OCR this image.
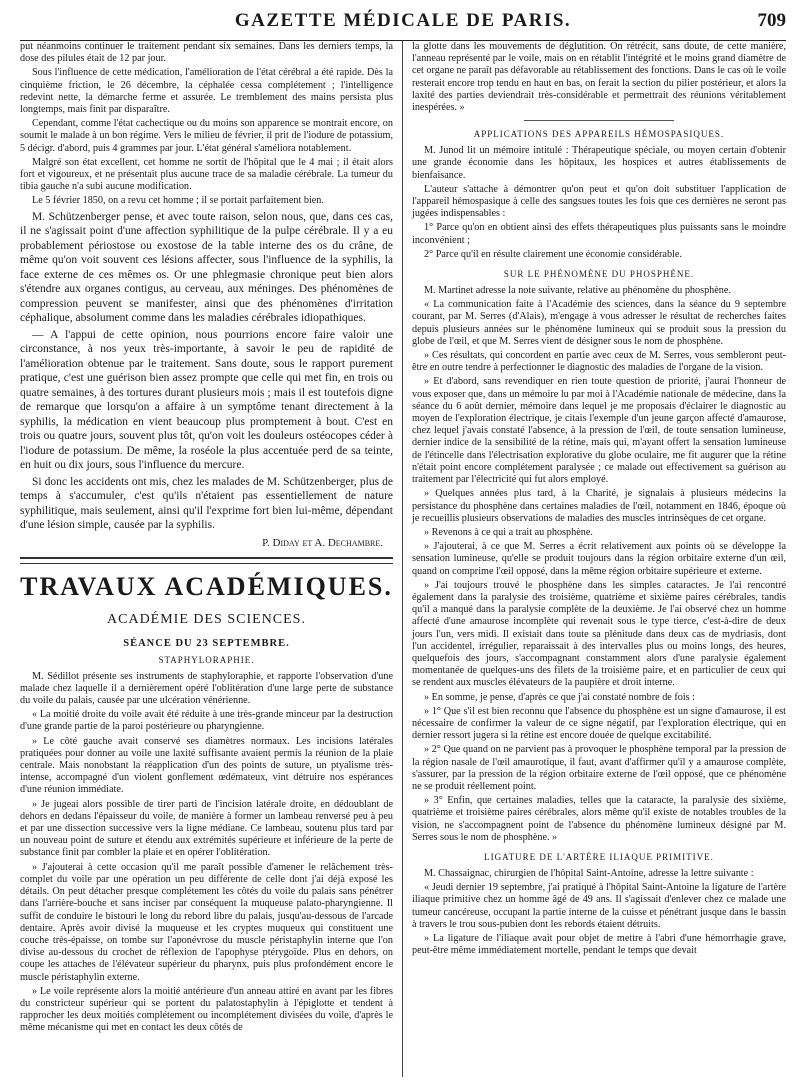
GAZETTE MÉDICALE DE PARIS.	709

put néanmoins continuer le traitement pendant six semaines. Dans les derniers temps, la dose des pilules était de 12 par jour.

Sous l'influence de cette médication, l'amélioration de l'état cérébral a été rapide. Dès la cinquième friction, le 26 décembre, la céphalée cessa complétement ; l'intelligence redevint nette, la démarche ferme et assurée. Le tremblement des mains persista plus longtemps, mais finit par disparaître.

Cependant, comme l'état cachectique ou du moins son apparence se montrait encore, on soumit le malade à un bon régime. Vers le milieu de février, il prit de l'iodure de potassium, 5 décigr. d'abord, puis 4 grammes par jour. L'état général s'améliora notablement.

Malgré son état excellent, cet homme ne sortit de l'hôpital que le 4 mai ; il était alors fort et vigoureux, et ne présentait plus aucune trace de sa maladie cérébrale. La tumeur du tibia gauche n'a subi aucune modification.

Le 5 février 1850, on a revu cet homme ; il se portait parfaitement bien.

M. Schützenberger pense, et avec toute raison, selon nous, que, dans ces cas, il ne s'agissait point d'une affection syphilitique de la pulpe cérébrale. Il y a eu probablement périostose ou exostose de la table interne des os du crâne, de même qu'on voit souvent ces lésions affecter, sous l'influence de la syphilis, la face externe de ces mêmes os. Or une phlegmasie chronique peut bien alors s'étendre aux organes contigus, au cerveau, aux méninges. Des phénomènes de compression peuvent se manifester, ainsi que des phénomènes d'irritation céphalique, absolument comme dans les maladies cérébrales idiopathiques.

— A l'appui de cette opinion, nous pourrions encore faire valoir une circonstance, à nos yeux très-importante, à savoir le peu de rapidité de l'amélioration obtenue par le traitement. Sans doute, sous le rapport purement pratique, c'est une guérison bien assez prompte que celle qui met fin, en trois ou quatre semaines, à des tortures durant plusieurs mois ; mais il est toutefois digne de remarque que lorsqu'on a affaire à un symptôme tenant directement à la syphilis, la médication en vient beaucoup plus promptement à bout. C'est en trois ou quatre jours, souvent plus tôt, qu'on voit les douleurs ostéocopes céder à l'iodure de potassium. De même, la roséole la plus accentuée perd de sa teinte, en huit ou dix jours, sous l'influence du mercure.

Si donc les accidents ont mis, chez les malades de M. Schützenberger, plus de temps à s'accumuler, c'est qu'ils n'étaient pas essentiellement de nature syphilitique, mais seulement, ainsi qu'il l'exprime fort bien lui-même, dépendant d'une lésion simple, causée par la syphilis.

P. Diday et A. Dechambre.
TRAVAUX ACADÉMIQUES.
ACADÉMIE DES SCIENCES.
SÉANCE DU 23 SEPTEMBRE.
STAPHYLORAPHIE.

M. Sédillot présente ses instruments de staphyloraphie, et rapporte l'observation d'une malade chez laquelle il a dernièrement opéré l'oblitération d'une large perte de substance du voile du palais, causée par une ulcération vénérienne.

« La moitié droite du voile avait été réduite à une très-grande minceur par la destruction d'une grande partie de la paroi postérieure ou pharyngienne.

» Le côté gauche avait conservé ses diamètres normaux. Les incisions latérales pratiquées pour donner au voile une laxité suffisante avaient permis la réunion de la plaie centrale. Mais nonobstant la réapplication d'un des points de suture, un ptyalisme très-intense, accompagné d'un violent gonflement œdémateux, vint détruire nos espérances d'une réunion immédiate.

» Je jugeai alors possible de tirer parti de l'incision latérale droite, en dédoublant de dehors en dedans l'épaisseur du voile, de manière à former un lambeau renversé peu à peu et par une dissection successive vers la ligne médiane. Ce lambeau, soutenu plus tard par un nouveau point de suture et étendu aux extrémités supérieure et inférieure de la perte de substance finit par combler la plaie et en opérer l'oblitération.

» J'ajouterai à cette occasion qu'il me paraît possible d'amener le relâchement très-complet du voile par une opération un peu différente de celle dont j'ai déjà exposé les détails. On peut détacher presque complétement les côtés du voile du palais sans pénétrer dans l'arrière-bouche et sans inciser par conséquent la muqueuse palato-pharyngienne. Il suffit de conduire le bistouri le long du rebord libre du palais, jusqu'au-dessous de l'arcade dentaire. Après avoir divisé la muqueuse et les cryptes muqueux qui constituent une couche très-épaisse, on tombe sur l'aponévrose du muscle péristaphylin interne que l'on divise au-dessous du crochet de réflexion de l'apophyse ptérygoïde. Plus en dehors, on coupe les attaches de l'élévateur supérieur du pharynx, puis plus profondément encore le muscle péristaphylin externe.

» Le voile représente alors la moitié antérieure d'un anneau attiré en avant par les fibres du constricteur supérieur qui se portent du palatostaphylin à l'épiglotte et tendent à rapprocher les deux moitiés complétement ou incomplétement divisées du voile, d'après le même mécanisme qui met en contact les deux côtés de

la glotte dans les mouvements de déglutition. On rétrécit, sans doute, de cette manière, l'anneau représenté par le voile, mais on en rétablit l'intégrité et le moins grand diamètre de cet organe ne paraît pas défavorable au rétablissement des fonctions. Dans le cas où le voile resterait encore trop tendu en haut en bas, on ferait la section du pilier postérieur, et alors la laxité des parties deviendrait très-considérable et permettrait des réunions véritablement inespérées. »

APPLICATIONS DES APPAREILS HÉMOSPASIQUES.

M. Junod lit un mémoire intitulé : Thérapeutique spéciale, ou moyen certain d'obtenir une grande économie dans les hôpitaux, les hospices et autres établissements de bienfaisance.

L'auteur s'attache à démontrer qu'on peut et qu'on doit substituer l'application de l'appareil hémospasique à celle des sangsues toutes les fois que ces dernières ne seront pas jugées indispensables :

1° Parce qu'on en obtient ainsi des effets thérapeutiques plus puissants sans le moindre inconvénient ;

2° Parce qu'il en résulte clairement une économie considérable.

SUR LE PHÉNOMÈNE DU PHOSPHÈNE.

M. Martinet adresse la note suivante, relative au phénomène du phosphène.

« La communication faite à l'Académie des sciences, dans la séance du 9 septembre courant, par M. Serres (d'Alais), m'engage à vous adresser le résultat de recherches faites depuis plusieurs années sur le phénomène lumineux qui se produit sous la pression du globe de l'œil, et que M. Serres vient de désigner sous le nom de phosphène.

» Ces résultats, qui concordent en partie avec ceux de M. Serres, vous sembleront peut-être en outre tendre à perfectionner le diagnostic des maladies de l'organe de la vision.

» Et d'abord, sans revendiquer en rien toute question de priorité, j'aurai l'honneur de vous exposer que, dans un mémoire lu par moi à l'Académie nationale de médecine, dans la séance du 6 août dernier, mémoire dans lequel je me proposais d'éclairer le diagnostic au moyen de l'exploration électrique, je citais l'exemple d'un jeune garçon affecté d'amaurose, chez lequel j'avais constaté l'absence, à la pression de l'œil, de toute sensation lumineuse, dernier indice de la sensibilité de la rétine, mais qui, m'ayant offert la sensation lumineuse de l'étincelle dans l'électrisation explorative du globe oculaire, me fit augurer que la rétine n'était point encore complétement paralysée ; ce malade out effectivement sa guérison au traitement par l'électricité qui fut alors employé.

» Quelques années plus tard, à la Charité, je signalais à plusieurs médecins la persistance du phosphène dans certaines maladies de l'œil, notamment en 1846, époque où je recueillis plusieurs observations de maladies des muscles intrinsèques de cet organe.

» Revenons à ce qui a trait au phosphène.

» J'ajouterai, à ce que M. Serres a écrit relativement aux points où se développe la sensation lumineuse, qu'elle se produit toujours dans la région orbitaire externe d'un œil, quand on comprime l'œil opposé, dans la même région orbitaire supérieure et externe.

» J'ai toujours trouvé le phosphène dans les simples cataractes. Je l'ai rencontré également dans la paralysie des troisième, quatrième et sixième paires cérébrales, tandis qu'il a manqué dans la paralysie complète de la deuxième. Je l'ai observé chez un homme affecté d'une amaurose incomplète qui revenait sous le type tierce, c'est-à-dire de deux jours l'un, vers midi. Il existait dans toute sa plénitude dans deux cas de mydriasis, dont l'un accidentel, irrégulier, reparaissait à des intervalles plus ou moins longs, des heures, quelquefois des jours, s'accompagnant constamment alors d'une paralysie également momentanée de quelques-uns des filets de la troisième paire, et en particulier de ceux qui se rendent aux muscles élévateurs de la paupière et droit interne.

» En somme, je pense, d'après ce que j'ai constaté nombre de fois :

» 1° Que s'il est bien reconnu que l'absence du phosphène est un signe d'amaurose, il est nécessaire de confirmer la valeur de ce signe négatif, par l'exploration électrique, qui en dernier ressort jugera si la rétine est encore douée de quelque excitabilité.

» 2° Que quand on ne parvient pas à provoquer le phosphène temporal par la pression de la région nasale de l'œil amaurotique, il faut, avant d'affirmer qu'il y a amaurose complète, s'assurer, par la pression de la région orbitaire externe de l'œil opposé, que ce phénomène ne se produit réellement point.

» 3° Enfin, que certaines maladies, telles que la cataracte, la paralysie des sixième, quatrième et troisième paires cérébrales, alors même qu'il existe de notables troubles de la vision, ne s'accompagnent point de l'absence du phénomène lumineux désigné par M. Serres sous le nom de phosphène. »

LIGATURE DE L'ARTÈRE ILIAQUE PRIMITIVE.

M. Chassaignac, chirurgien de l'hôpital Saint-Antoine, adresse la lettre suivante :

« Jeudi dernier 19 septembre, j'ai pratiqué à l'hôpital Saint-Antoine la ligature de l'artère iliaque primitive chez un homme âgé de 49 ans. Il s'agissait d'enlever chez ce malade une tumeur cancéreuse, occupant la partie interne de la cuisse et pénétrant jusque dans le bassin à travers le trou sous-pubien dont les rebords étaient détruits.

» La ligature de l'iliaque avait pour objet de mettre à l'abri d'une hémorrhagie grave, peut-être même immédiatement mortelle, pendant le temps que devait
